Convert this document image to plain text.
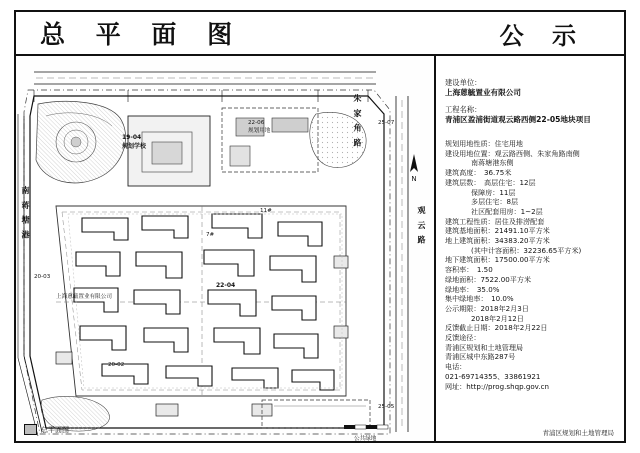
总 平 面 图	公 示
19-04
规划学校
22-06
规划用地
25-07
25-05
20-03
20-02
22-04
7#
11#
公共绿地
上海蒽毓置业有限公司
朱 家 角 路
观 云 路
南 蒋 塘 港
N
总平面图
建设单位：
上海蒽毓置业有限公司
工程名称：
青浦区盈浦街道观云路西侧22-05地块项目
规划用地性质：住宅用地
建设用地位置：观云路西侧、朱家角路南侧
南蒋塘港东侧
建筑高度：　36.75米
建筑层数：　高层住宅：12层
保障房：11层
多层住宅：8层
社区配套用房：1~2层
建筑工程性质：居住及排涝配套
建筑基地面积：21491.10平方米
地上建筑面积：34383.20平方米
(其中计容面积：32236.65平方米)
地下建筑面积：17500.00平方米
容积率：　1.50
绿地面积：7522.00平方米
绿地率：　35.0%
集中绿地率：　10.0%
公示期限：2018年2月3日
2018年2月12日
反馈截止日期：2018年2月22日
反馈途径：
青浦区规划和土地管理局
青浦区城中东路287号
电话：
021-69714355、33861921
网址：http://prog.shqp.gov.cn
青浦区规划和土地管理局
